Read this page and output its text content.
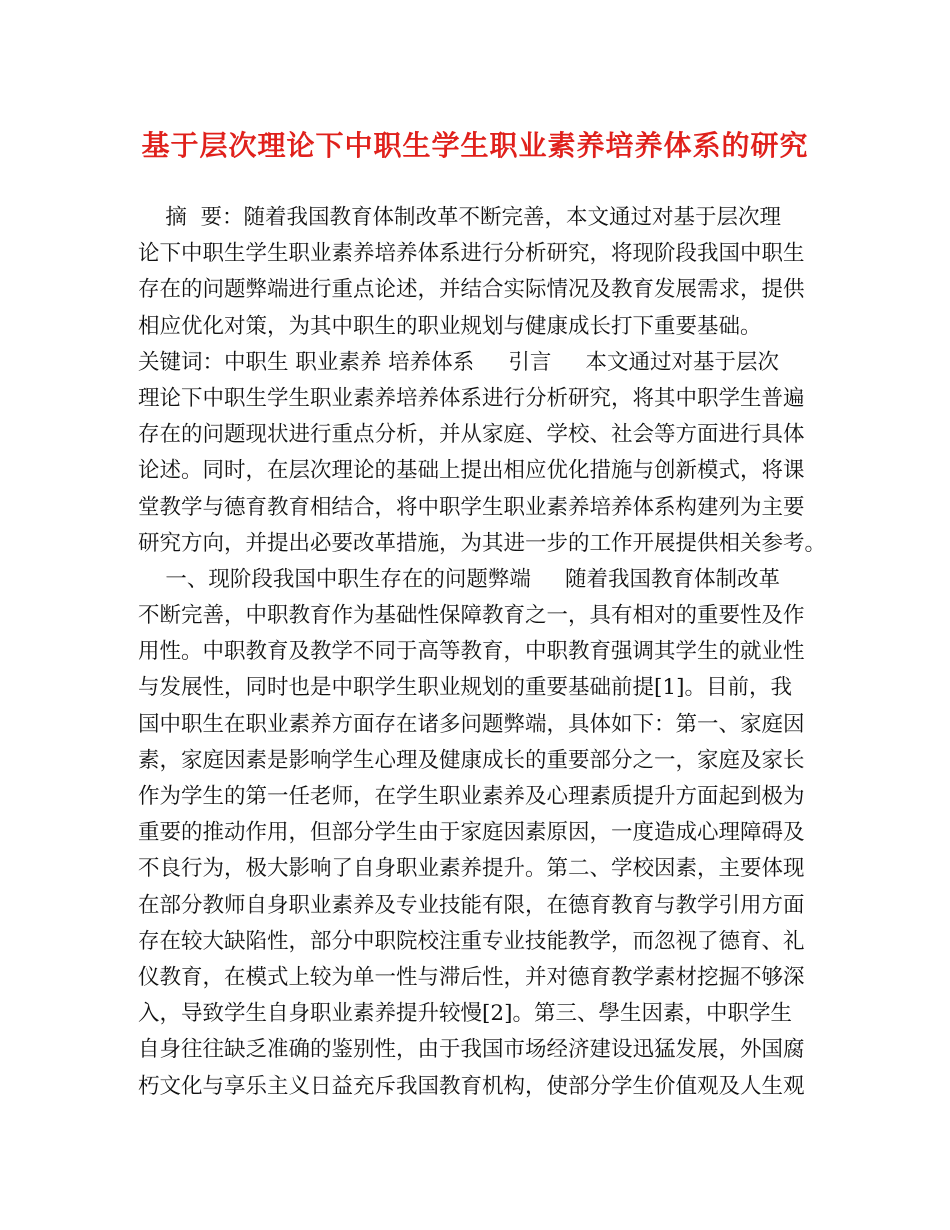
基于层次理论下中职生学生职业素养培养体系的研究
摘  要：随着我国教育体制改革不断完善，本文通过对基于层次理
论下中职生学生职业素养培养体系进行分析研究，将现阶段我国中职生
存在的问题弊端进行重点论述，并结合实际情况及教育发展需求，提供
相应优化对策，为其中职生的职业规划与健康成长打下重要基础。
关键词：中职生 职业素养 培养体系     引言     本文通过对基于层次
理论下中职生学生职业素养培养体系进行分析研究，将其中职学生普遍
存在的问题现状进行重点分析，并从家庭、学校、社会等方面进行具体
论述。同时，在层次理论的基础上提出相应优化措施与创新模式，将课
堂教学与德育教育相结合，将中职学生职业素养培养体系构建列为主要
研究方向，并提出必要改革措施，为其进一步的工作开展提供相关参考。
一、现阶段我国中职生存在的问题弊端     随着我国教育体制改革
不断完善，中职教育作为基础性保障教育之一，具有相对的重要性及作
用性。中职教育及教学不同于高等教育，中职教育强调其学生的就业性
与发展性，同时也是中职学生职业规划的重要基础前提[1]。目前，我
国中职生在职业素养方面存在诸多问题弊端，具体如下：第一、家庭因
素，家庭因素是影响学生心理及健康成长的重要部分之一，家庭及家长
作为学生的第一任老师，在学生职业素养及心理素质提升方面起到极为
重要的推动作用，但部分学生由于家庭因素原因，一度造成心理障碍及
不良行为，极大影响了自身职业素养提升。第二、学校因素，主要体现
在部分教师自身职业素养及专业技能有限，在德育教育与教学引用方面
存在较大缺陷性，部分中职院校注重专业技能教学，而忽视了德育、礼
仪教育，在模式上较为单一性与滞后性，并对德育教学素材挖掘不够深
入，导致学生自身职业素养提升较慢[2]。第三、學生因素，中职学生
自身往往缺乏准确的鉴别性，由于我国市场经济建设迅猛发展，外国腐
朽文化与享乐主义日益充斥我国教育机构，使部分学生价值观及人生观
